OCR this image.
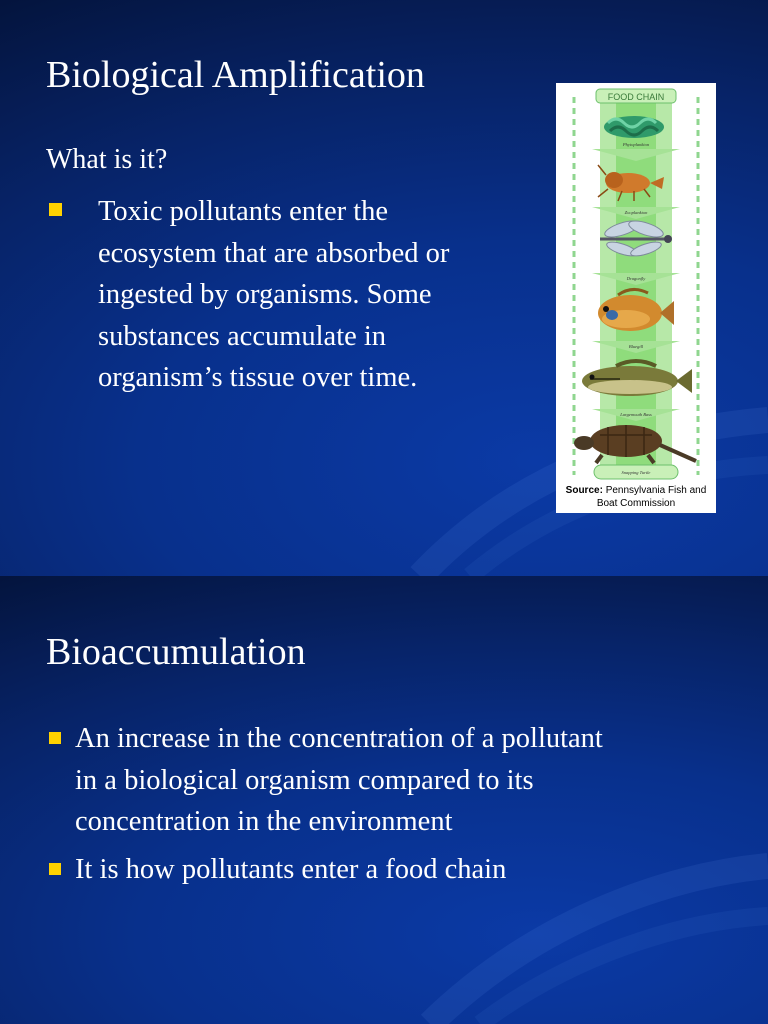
Biological Amplification
What is it?
Toxic pollutants enter the
ecosystem that are absorbed or
ingested by organisms. Some
substances accumulate in
organism’s tissue over time.
FOOD CHAIN
Phytoplankton
Zooplankton
Dragonfly
Bluegill
Largemouth Bass
Snapping Turtle
Source: Pennsylvania Fish and
Boat Commission
Bioaccumulation
An increase in the concentration of a pollutant
in a biological organism compared to its
concentration in the environment
It is how pollutants enter a food chain
